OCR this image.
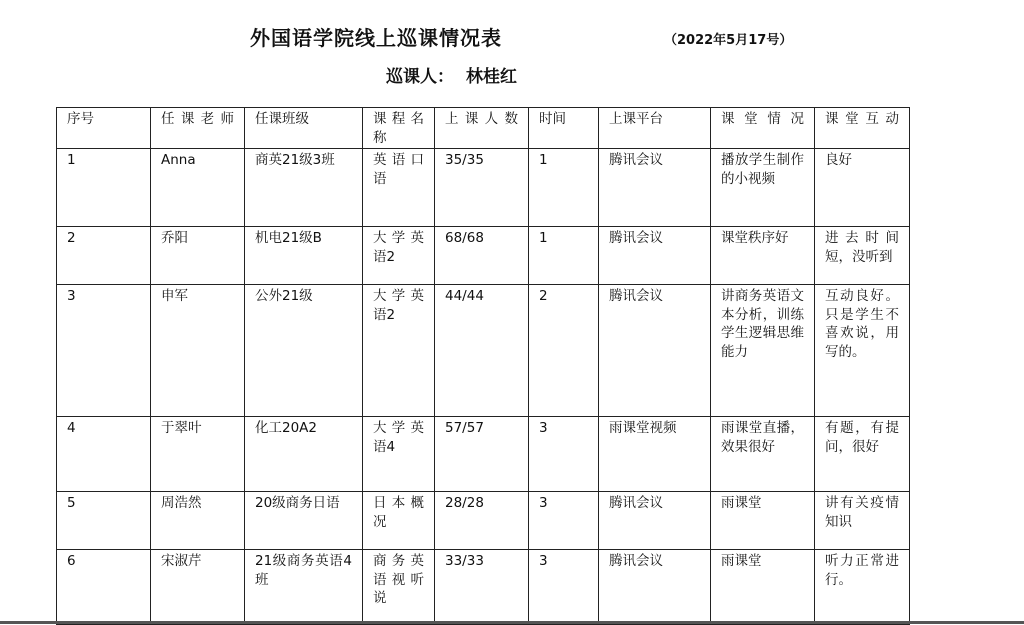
外国语学院线上巡课情况表	（2022年5月17号）
巡课人： 林桂红
序号	任课老师	任课班级	课程名称	上课人数	时间	上课平台	课堂情况	课堂互动
1	Anna	商英21级3班	英语口语	35/35	1	腾讯会议	播放学生制作的小视频	良好
2	乔阳	机电21级B	大学英语2	68/68	1	腾讯会议	课堂秩序好	进去时间短，没听到
3	申军	公外21级	大学英语2	44/44	2	腾讯会议	讲商务英语文本分析，训练学生逻辑思维能力	互动良好。只是学生不喜欢说，用写的。
4	于翠叶	化工20A2	大学英语4	57/57	3	雨课堂视频	雨课堂直播，效果很好	有题，有提问，很好
5	周浩然	20级商务日语	日本概况	28/28	3	腾讯会议	雨课堂	讲有关疫情知识
6	宋淑芹	21级商务英语4班	商务英语视听说	33/33	3	腾讯会议	雨课堂	听力正常进行。
